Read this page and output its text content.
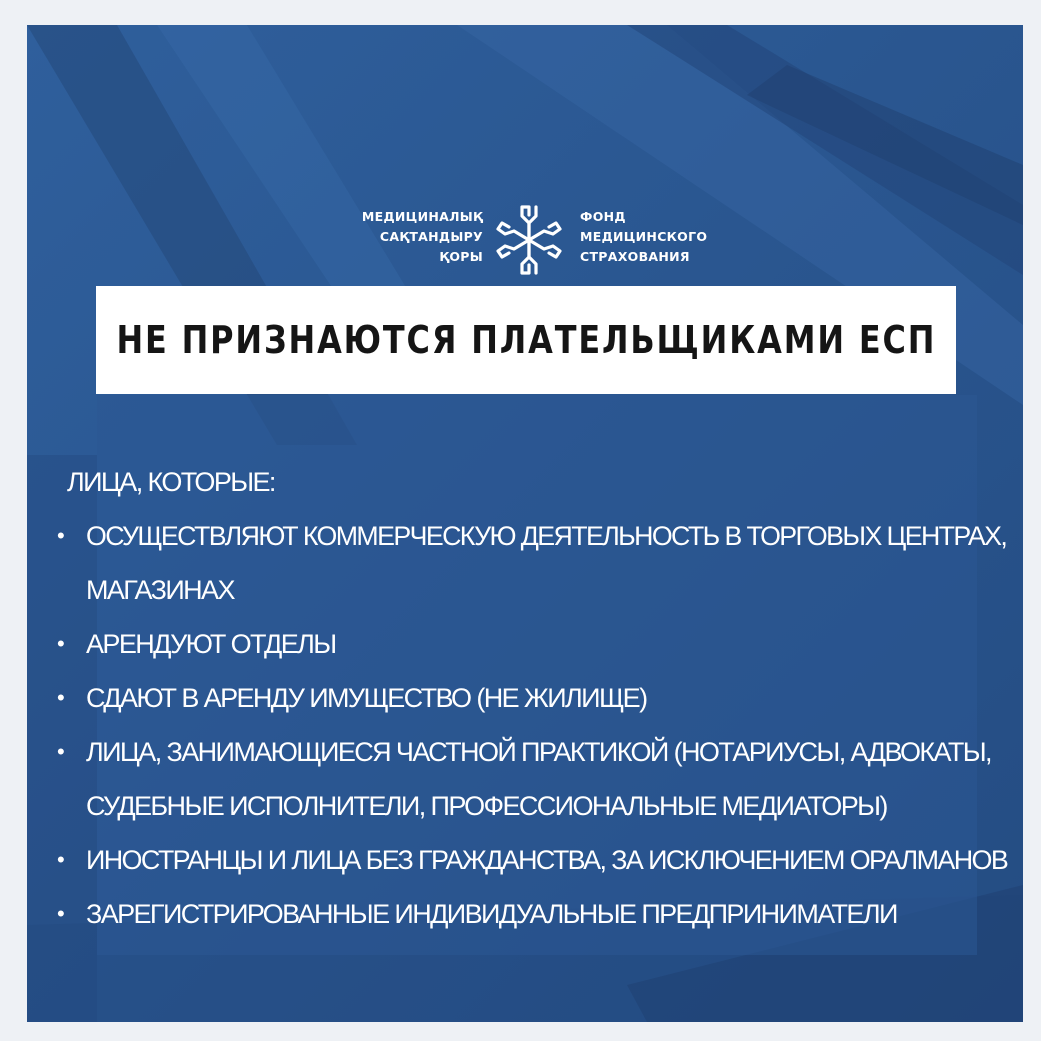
МЕДИЦИНАЛЫҚ
САҚТАНДЫРУ
ҚОРЫ
ФОНД
МЕДИЦИНСКОГО
СТРАХОВАНИЯ
НЕ ПРИЗНАЮТСЯ ПЛАТЕЛЬЩИКАМИ ЕСП
ЛИЦА, КОТОРЫЕ:
• ОСУЩЕСТВЛЯЮТ КОММЕРЧЕСКУЮ ДЕЯТЕЛЬНОСТЬ В ТОРГОВЫХ ЦЕНТРАХ,
МАГАЗИНАХ
• АРЕНДУЮТ ОТДЕЛЫ
• СДАЮТ В АРЕНДУ ИМУЩЕСТВО (НЕ ЖИЛИЩЕ)
• ЛИЦА, ЗАНИМАЮЩИЕСЯ ЧАСТНОЙ ПРАКТИКОЙ (НОТАРИУСЫ, АДВОКАТЫ,
СУДЕБНЫЕ ИСПОЛНИТЕЛИ, ПРОФЕССИОНАЛЬНЫЕ МЕДИАТОРЫ)
• ИНОСТРАНЦЫ И ЛИЦА БЕЗ ГРАЖДАНСТВА, ЗА ИСКЛЮЧЕНИЕМ ОРАЛМАНОВ
• ЗАРЕГИСТРИРОВАННЫЕ ИНДИВИДУАЛЬНЫЕ ПРЕДПРИНИМАТЕЛИ
